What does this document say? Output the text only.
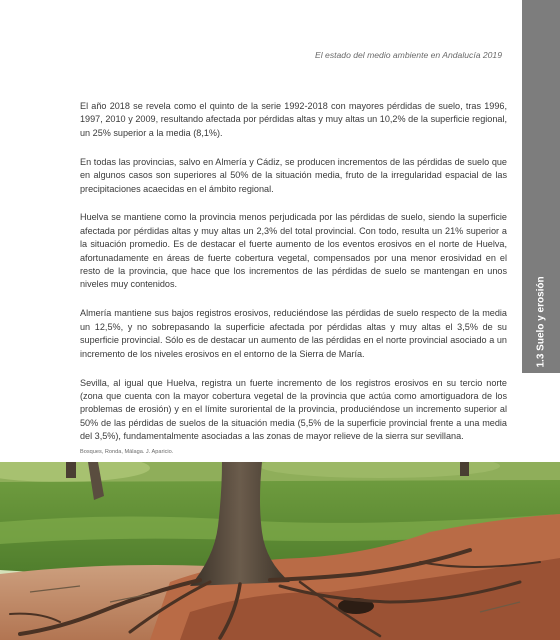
El estado del medio ambiente en Andalucía 2019
1.3 Suelo y erosión

El año 2018 se revela como el quinto de la serie 1992-2018 con mayores pérdidas de suelo, tras 1996, 1997, 2010 y 2009, resultando afectada por pérdidas altas y muy altas un 10,2% de la superficie regional, un 25% superior a la media (8,1%).

En todas las provincias, salvo en Almería y Cádiz, se producen incrementos de las pérdidas de suelo que en algunos casos son superiores al 50% de la situación media, fruto de la irregularidad espacial de las precipitaciones acaecidas en el ámbito regional.

Huelva se mantiene como la provincia menos perjudicada por las pérdidas de suelo, siendo la superficie afectada por pérdidas altas y muy altas un 2,3% del total provincial. Con todo, resulta un 21% superior a la situación promedio. Es de destacar el fuerte aumento de los eventos erosivos en el norte de Huelva, afortunadamente en áreas de fuerte cobertura vegetal, compensados por una menor erosividad en el resto de la provincia, que hace que los incrementos de las pérdidas de suelo se mantengan en unos niveles muy contenidos.

Almería mantiene sus bajos registros erosivos, reduciéndose las pérdidas de suelo respecto de la media un 12,5%, y no sobrepasando la superficie afectada por pérdidas altas y muy altas el 3,5% de su superficie provincial. Sólo es de destacar un aumento de las pérdidas en el norte provincial asociado a un incremento de los niveles erosivos en el entorno de la Sierra de María.

Sevilla, al igual que Huelva, registra un fuerte incremento de los registros erosivos en su tercio norte (zona que cuenta con la mayor cobertura vegetal de la provincia que actúa como amortiguadora de los problemas de erosión) y en el límite suroriental de la provincia, produciéndose un incremento superior al 50% de las pérdidas de suelos de la situación media (5,5% de la superficie provincial frente a una media del 3,5%), fundamentalmente asociadas a las zonas de mayor relieve de la sierra sur sevillana.

Bosques, Ronda, Málaga. J. Aparicio.
